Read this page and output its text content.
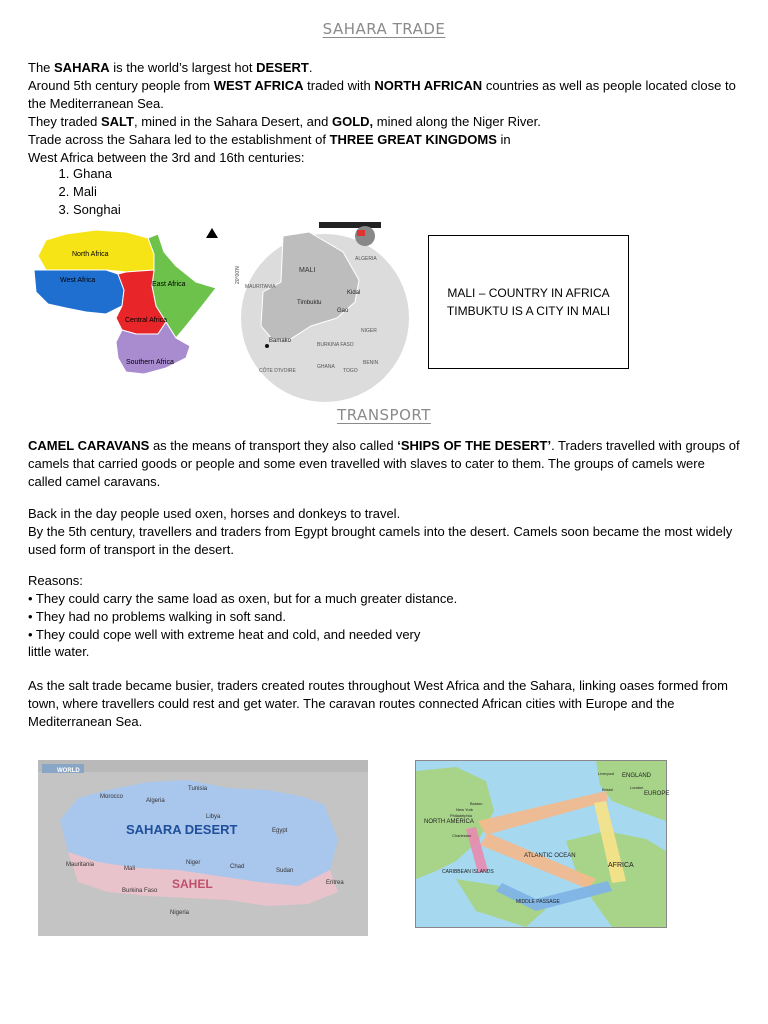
SAHARA TRADE

The SAHARA is the world’s largest hot DESERT.

Around 5th century people from WEST AFRICA traded with NORTH AFRICAN countries as well as people located close to the Mediterranean Sea.

They traded SALT, mined in the Sahara Desert, and GOLD, mined along the Niger River.

Trade across the Sahara led to the establishment of THREE GREAT KINGDOMS in

West Africa between the 3rd and 16th centuries:

1. Ghana
2. Mali
3. Songhai
North Africa
West Africa
East Africa
Central Africa
Southern Africa
MALI
ALGERIA
MAURITANIA
Timbuktu
Kidal
Gao
NIGER
BURKINA FASO
Bamako
GHANA
TOGO
BENIN
CÔTE D'IVOIRE
20°00'N
MALI – COUNTRY IN AFRICA
TIMBUKTU IS A CITY IN MALI
TRANSPORT

CAMEL CARAVANS as the means of transport they also called ‘SHIPS OF THE DESERT’. Traders travelled with groups of camels that carried goods or people and some even travelled with slaves to cater to them. The groups of camels were called camel caravans.

Back in the day people used oxen, horses and donkeys to travel.

By the 5th century, travellers and traders from Egypt brought camels into the desert. Camels soon became the most widely used form of transport in the desert.

Reasons:

• They could carry the same load as oxen, but for a much greater distance.

• They had no problems walking in soft sand.

• They could cope well with extreme heat and cold, and needed very

little water.

As the salt trade became busier, traders created routes throughout West Africa and the Sahara, linking oases formed from town, where travellers could rest and get water. The caravan routes connected African cities with Europe and the Mediterranean Sea.

WORLD
SAHARA DESERT
SAHEL
Morocco
Algeria
Tunisia
Libya
Egypt
Mauritania
Mali
Niger
Chad
Sudan
Eritrea
Burkina Faso
Nigeria
NORTH AMERICA
EUROPE
AFRICA
ATLANTIC OCEAN
CARIBBEAN ISLANDS
ENGLAND
Liverpool
Bristol	London
Boston
New York
Philadelphia
Charleston
MIDDLE PASSAGE
